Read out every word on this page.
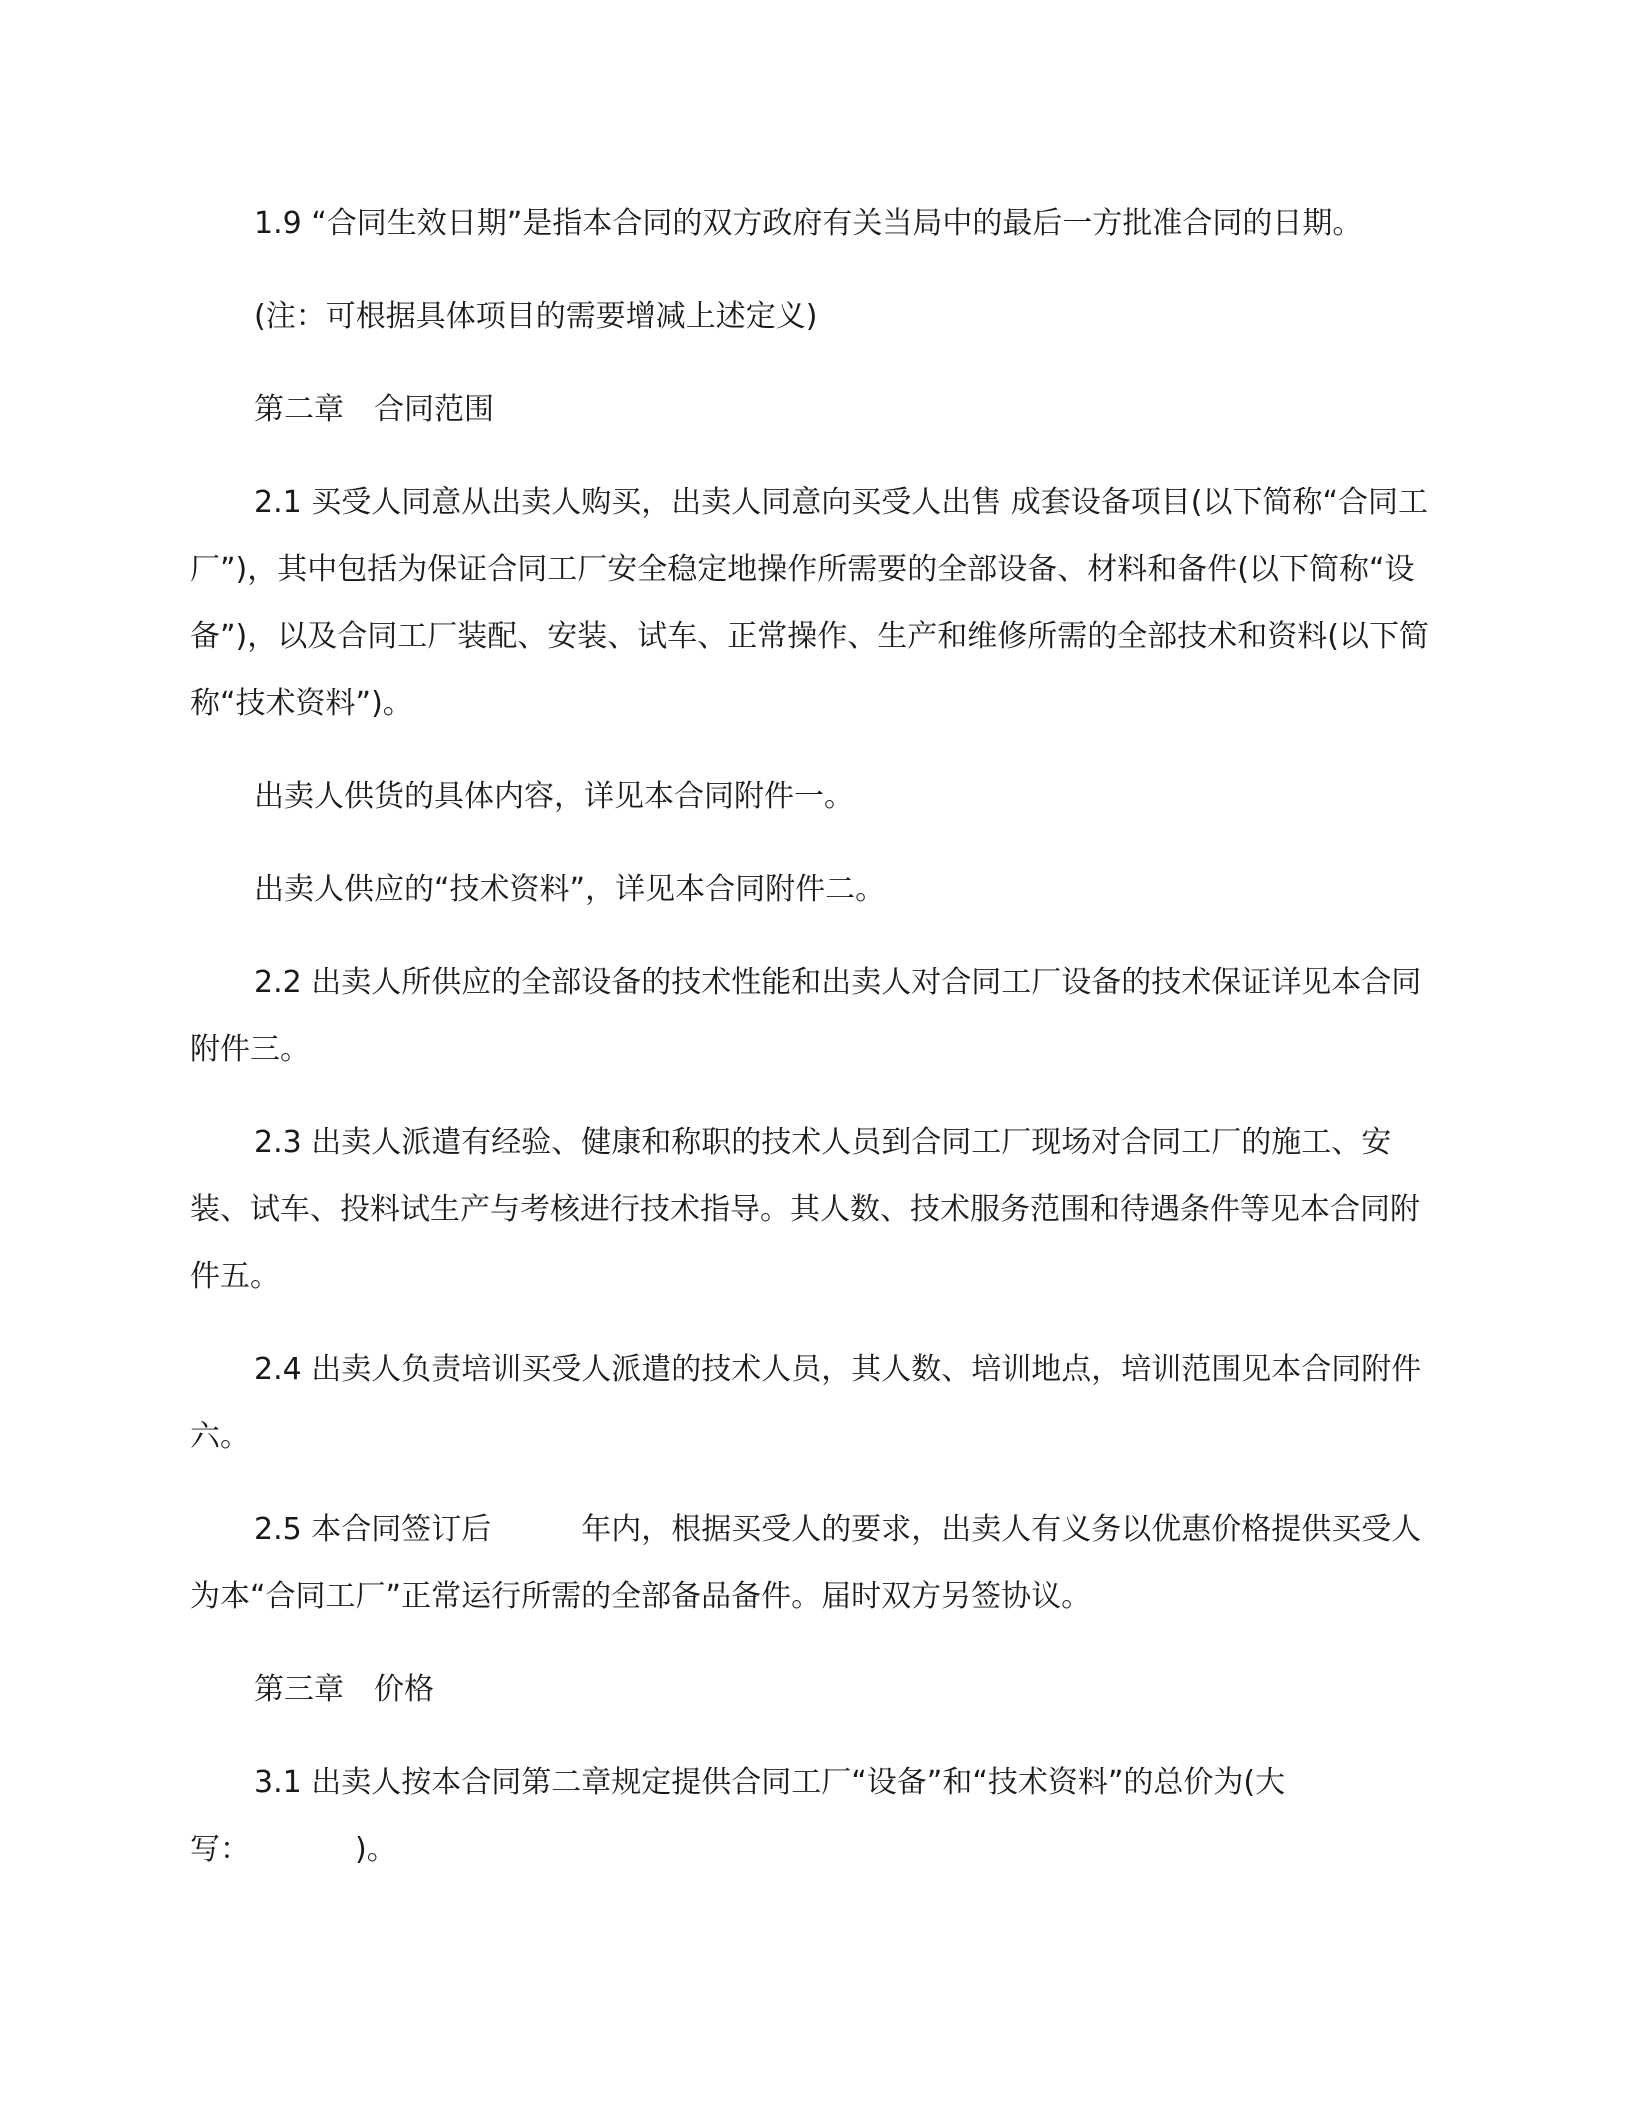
1.9 “合同生效日期”是指本合同的双方政府有关当局中的最后一方批准合同的日期。

(注：可根据具体项目的需要增减上述定义)

第二章　合同范围

2.1 买受人同意从出卖人购买，出卖人同意向买受人出售 成套设备项目(以下简称“合同工厂”)，其中包括为保证合同工厂安全稳定地操作所需要的全部设备、材料和备件(以下简称“设备”)，以及合同工厂装配、安装、试车、正常操作、生产和维修所需的全部技术和资料(以下简称“技术资料”)。

出卖人供货的具体内容，详见本合同附件一。

出卖人供应的“技术资料”，详见本合同附件二。

2.2 出卖人所供应的全部设备的技术性能和出卖人对合同工厂设备的技术保证详见本合同附件三。

2.3 出卖人派遣有经验、健康和称职的技术人员到合同工厂现场对合同工厂的施工、安装、试车、投料试生产与考核进行技术指导。其人数、技术服务范围和待遇条件等见本合同附件五。

2.4 出卖人负责培训买受人派遣的技术人员，其人数、培训地点，培训范围见本合同附件六。

2.5 本合同签订后　　　年内，根据买受人的要求，出卖人有义务以优惠价格提供买受人为本“合同工厂”正常运行所需的全部备品备件。届时双方另签协议。

第三章　价格

3.1 出卖人按本合同第二章规定提供合同工厂“设备”和“技术资料”的总价为(大写：　　　　)。
